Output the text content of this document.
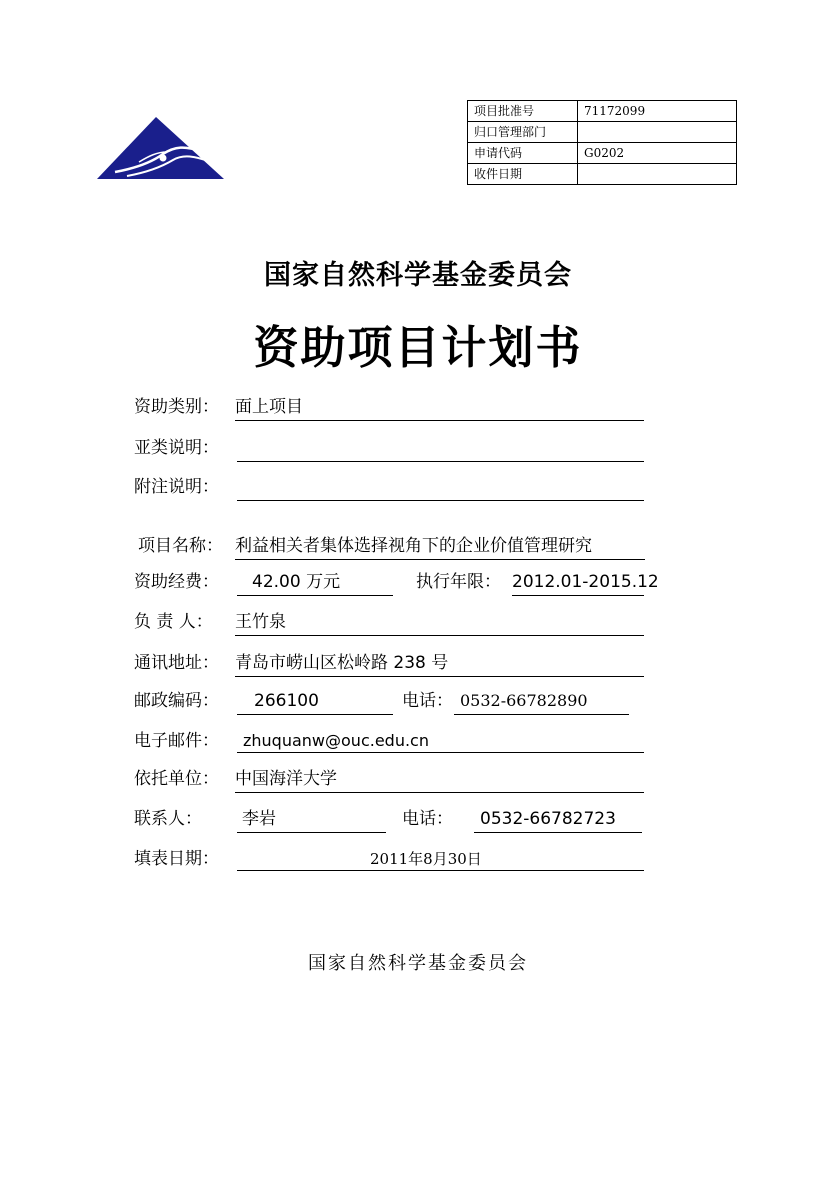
项目批准号	71172099
归口管理部门	
申请代码	G0202
收件日期	
国家自然科学基金委员会
资助项目计划书
资助类别： 面上项目
亚类说明：
附注说明：
项目名称： 利益相关者集体选择视角下的企业价值管理研究
资助经费： 42.00 万元	执行年限： 2012.01-2015.12
负 责 人： 王竹泉
通讯地址： 青岛市崂山区松岭路 238 号
邮政编码： 266100	电话： 0532-66782890
电子邮件： zhuquanw@ouc.edu.cn
依托单位： 中国海洋大学
联系人： 李岩	电话： 0532-66782723
填表日期：	2011年8月30日
国家自然科学基金委员会
